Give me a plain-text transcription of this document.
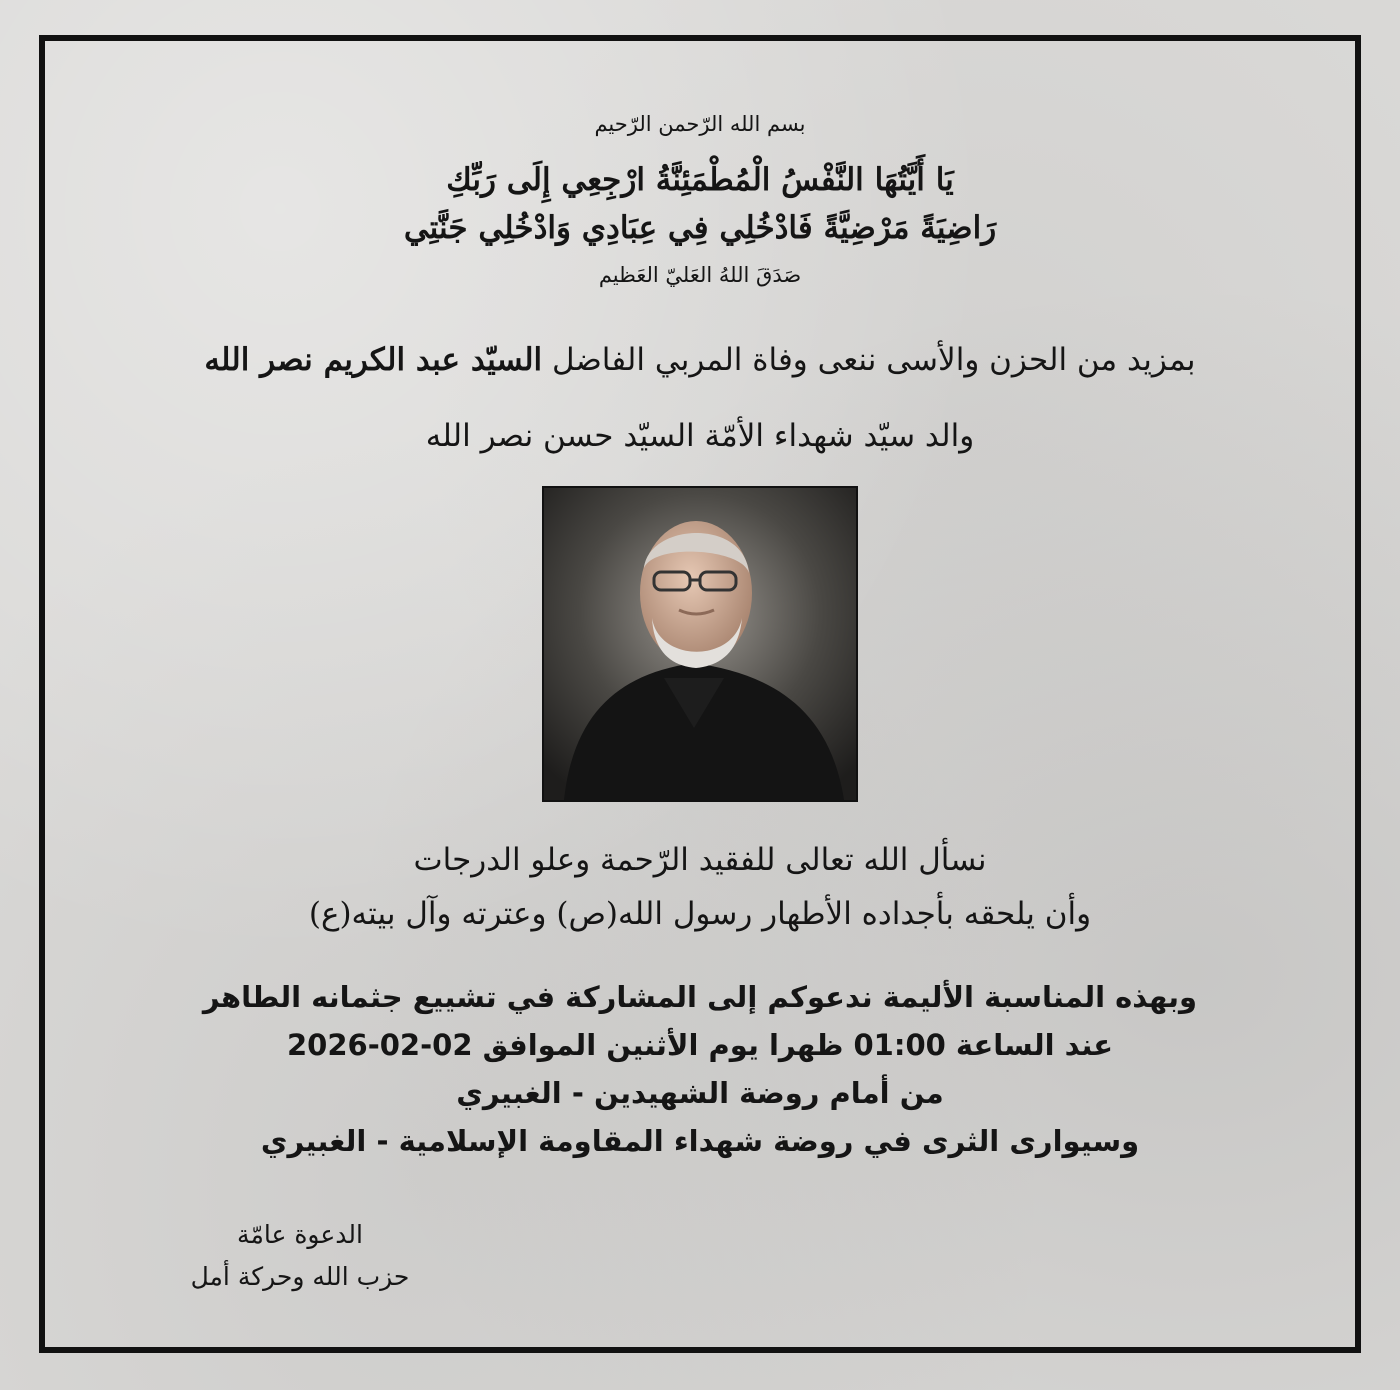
بسم الله الرّحمن الرّحيم
يَا أَيَّتُهَا النَّفْسُ الْمُطْمَئِنَّةُ ارْجِعِي إِلَى رَبِّكِ
رَاضِيَةً مَرْضِيَّةً فَادْخُلِي فِي عِبَادِي وَادْخُلِي جَنَّتِي
صَدَقَ اللهُ العَليّ العَظيم
بمزيد من الحزن والأسى ننعى وفاة المربي الفاضل السيّد عبد الكريم نصر الله
والد سيّد شهداء الأمّة السيّد حسن نصر الله
نسأل الله تعالى للفقيد الرّحمة وعلو الدرجات
وأن يلحقه بأجداده الأطهار رسول الله(ص) وعترته وآل بيته(ع)
وبهذه المناسبة الأليمة ندعوكم إلى المشاركة في تشييع جثمانه الطاهر
عند الساعة 01:00 ظهرا يوم الأثنين الموافق 02-02-2026
من أمام روضة الشهيدين - الغبيري
وسيوارى الثرى في روضة شهداء المقاومة الإسلامية - الغبيري
الدعوة عامّة
حزب الله وحركة أمل
